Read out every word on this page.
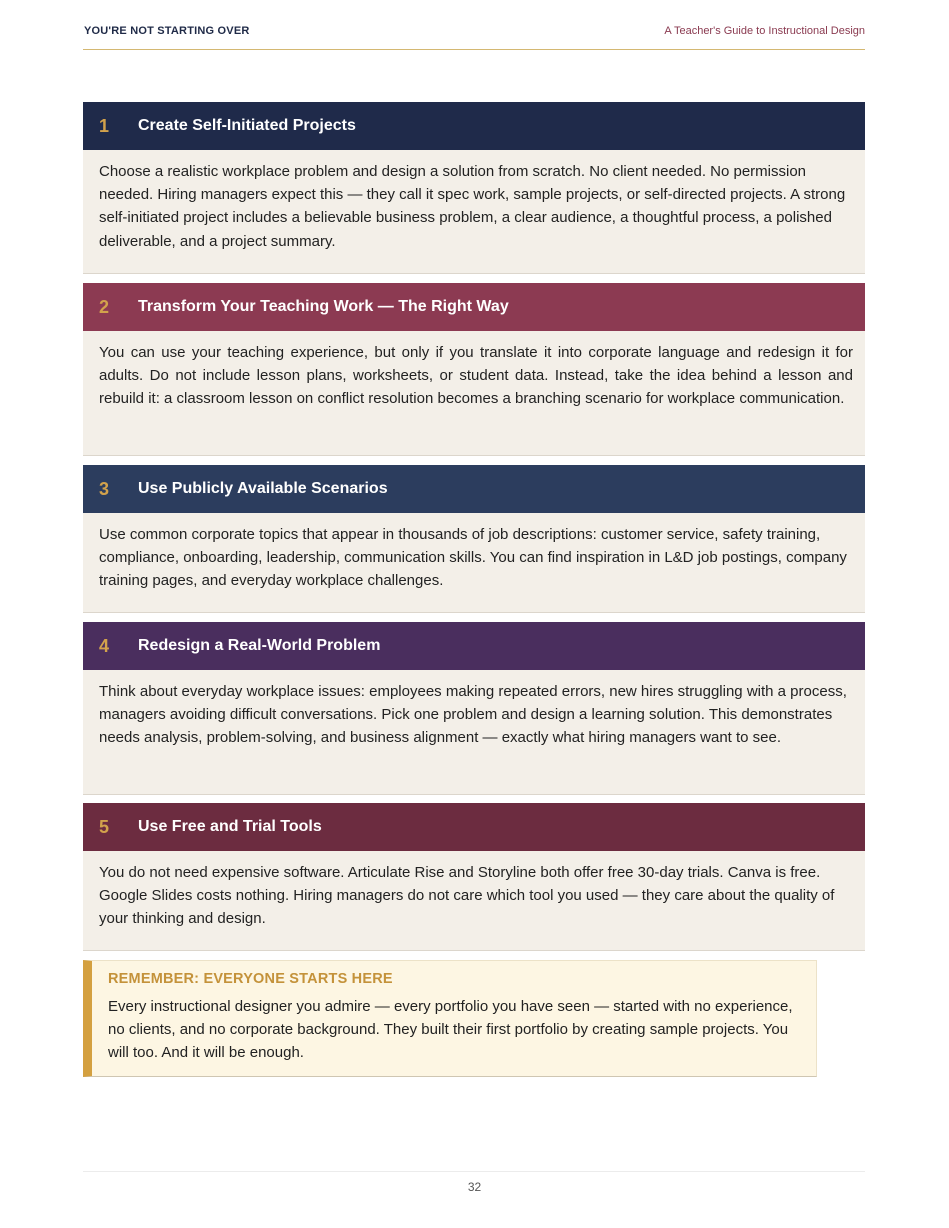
YOU'RE NOT STARTING OVER	A Teacher's Guide to Instructional Design
1	Create Self-Initiated Projects
Choose a realistic workplace problem and design a solution from scratch. No client needed. No permission needed. Hiring managers expect this — they call it spec work, sample projects, or self-directed projects. A strong self-initiated project includes a believable business problem, a clear audience, a thoughtful process, a polished deliverable, and a project summary.
2	Transform Your Teaching Work — The Right Way
You can use your teaching experience, but only if you translate it into corporate language and redesign it for adults. Do not include lesson plans, worksheets, or student data. Instead, take the idea behind a lesson and rebuild it: a classroom lesson on conflict resolution becomes a branching scenario for workplace communication.
3	Use Publicly Available Scenarios
Use common corporate topics that appear in thousands of job descriptions: customer service, safety training, compliance, onboarding, leadership, communication skills. You can find inspiration in L&D job postings, company training pages, and everyday workplace challenges.
4	Redesign a Real-World Problem
Think about everyday workplace issues: employees making repeated errors, new hires struggling with a process, managers avoiding difficult conversations. Pick one problem and design a learning solution. This demonstrates needs analysis, problem-solving, and business alignment — exactly what hiring managers want to see.
5	Use Free and Trial Tools
You do not need expensive software. Articulate Rise and Storyline both offer free 30-day trials. Canva is free. Google Slides costs nothing. Hiring managers do not care which tool you used — they care about the quality of your thinking and design.
REMEMBER: EVERYONE STARTS HERE
Every instructional designer you admire — every portfolio you have seen — started with no experience, no clients, and no corporate background. They built their first portfolio by creating sample projects. You will too. And it will be enough.
32
